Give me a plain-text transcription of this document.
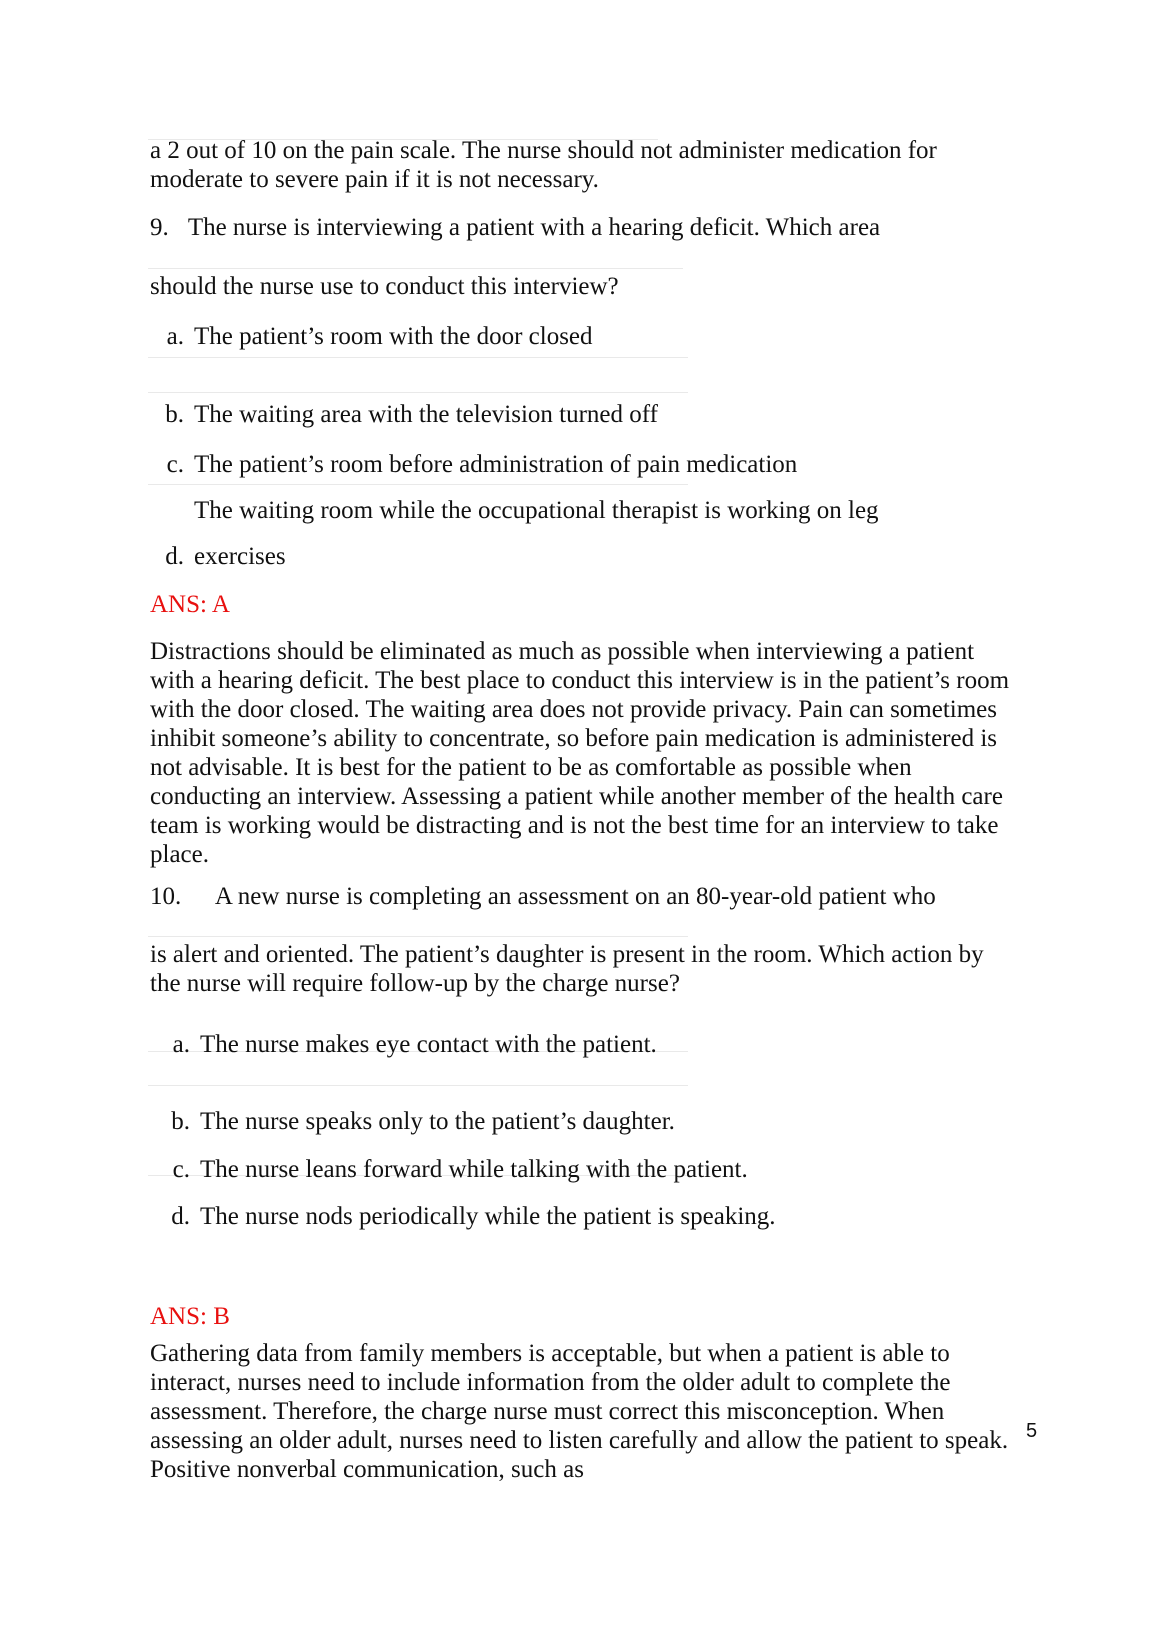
a 2 out of 10 on the pain scale. The nurse should not administer medication for moderate to severe pain if it is not necessary.

9. The nurse is interviewing a patient with a hearing deficit. Which area
should the nurse use to conduct this interview?
a. The patient’s room with the door closed
b. The waiting area with the television turned off
c. The patient’s room before administration of pain medication
The waiting room while the occupational therapist is working on leg
d. exercises
ANS: A

Distractions should be eliminated as much as possible when interviewing a patient with a hearing deficit. The best place to conduct this interview is in the patient’s room with the door closed. The waiting area does not provide privacy. Pain can sometimes inhibit someone’s ability to concentrate, so before pain medication is administered is not advisable. It is best for the patient to be as comfortable as possible when conducting an interview. Assessing a patient while another member of the health care team is working would be distracting and is not the best time for an interview to take place.

10. A new nurse is completing an assessment on an 80-year-old patient who

is alert and oriented. The patient’s daughter is present in the room. Which action by the nurse will require follow-up by the charge nurse?

a. The nurse makes eye contact with the patient.
b. The nurse speaks only to the patient’s daughter.
c. The nurse leans forward while talking with the patient.
d. The nurse nods periodically while the patient is speaking.
ANS: B

Gathering data from family members is acceptable, but when a patient is able to interact, nurses need to include information from the older adult to complete the assessment. Therefore, the charge nurse must correct this misconception. When assessing an older adult, nurses need to listen carefully and allow the patient to speak. Positive nonverbal communication, such as

5
